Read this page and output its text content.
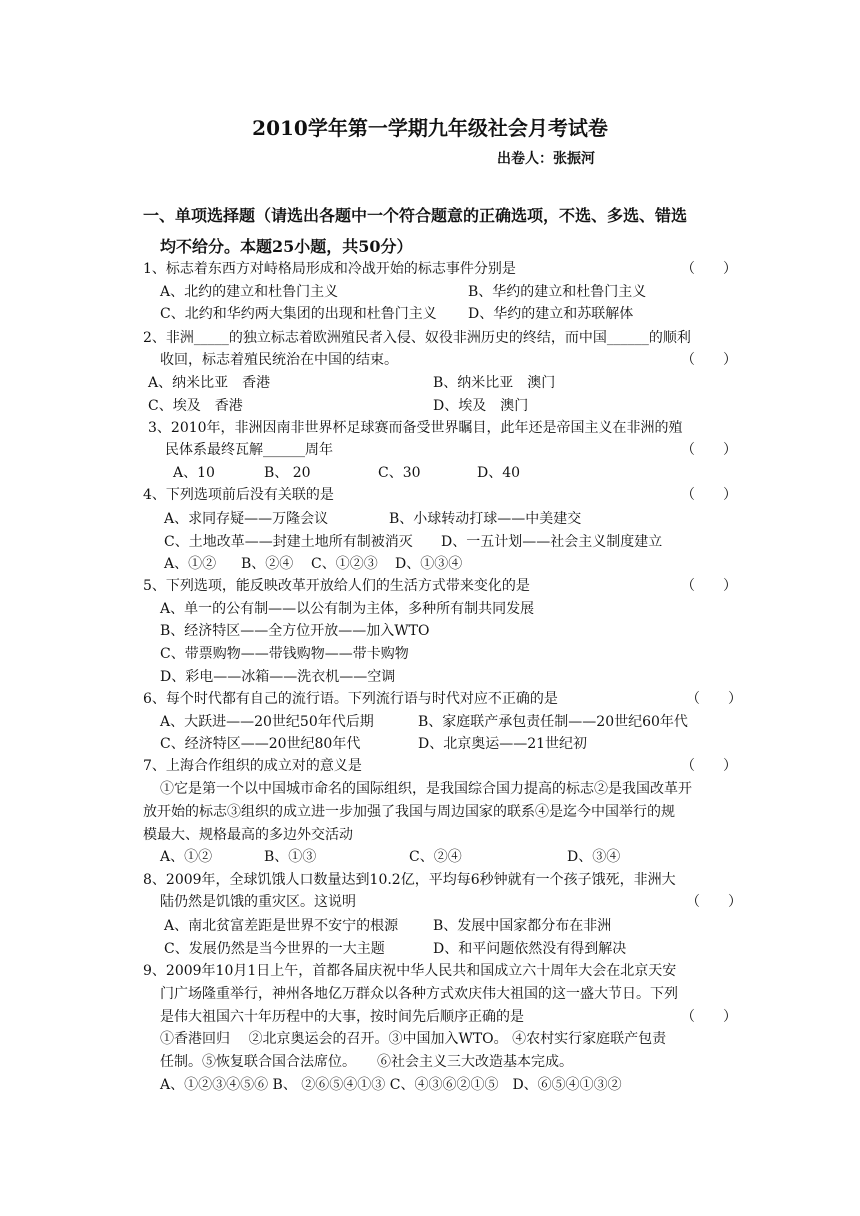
2010学年第一学期九年级社会月考试卷
出卷人：张振河
一、单项选择题（请选出各题中一个符合题意的正确选项，不选、多选、错选
均不给分。本题25小题，共50分）
1、标志着东西方对峙格局形成和冷战开始的标志事件分别是	（　　）
A、北约的建立和杜鲁门主义	B、华约的建立和杜鲁门主义
C、北约和华约两大集团的出现和杜鲁门主义 D、华约的建立和苏联解体
2、非洲_____的独立标志着欧洲殖民者入侵、奴役非洲历史的终结，而中国______的顺利
收回，标志着殖民统治在中国的结束。	（　　）
A、纳米比亚　香港	B、纳米比亚　澳门
C、埃及　香港	D、埃及　澳门
3、2010年，非洲因南非世界杯足球赛而备受世界瞩目，此年还是帝国主义在非洲的殖
民体系最终瓦解______周年	（　　）
A、10	B、 20	C、30	D、40
4、下列选项前后没有关联的是	（　　）
A、求同存疑——万隆会议	B、小球转动打球——中美建交
C、土地改革——封建土地所有制被消灭 D、一五计划——社会主义制度建立
A、①② B、②④ C、①②③ D、①③④
5、下列选项，能反映改革开放给人们的生活方式带来变化的是	（　　）
A、单一的公有制——以公有制为主体，多种所有制共同发展
B、经济特区——全方位开放——加入WTO
C、带票购物——带钱购物——带卡购物
D、彩电——冰箱——洗衣机——空调
6、每个时代都有自己的流行语。下列流行语与时代对应不正确的是	（　　）
A、大跃进——20世纪50年代后期	B、家庭联产承包责任制——20世纪60年代
C、经济特区——20世纪80年代	D、北京奥运——21世纪初
7、上海合作组织的成立对的意义是	（　　）
①它是第一个以中国城市命名的国际组织，是我国综合国力提高的标志②是我国改革开
放开始的标志③组织的成立进一步加强了我国与周边国家的联系④是迄今中国举行的规
模最大、规格最高的多边外交活动
A、①②	B、①③	C、②④	D、③④
8、2009年，全球饥饿人口数量达到10.2亿，平均每6秒钟就有一个孩子饿死，非洲大
陆仍然是饥饿的重灾区。这说明	（　　）
A、南北贫富差距是世界不安宁的根源 B、发展中国家都分布在非洲
C、发展仍然是当今世界的一大主题	D、和平问题依然没有得到解决
9、2009年10月1日上午，首都各届庆祝中华人民共和国成立六十周年大会在北京天安
门广场隆重举行，神州各地亿万群众以各种方式欢庆伟大祖国的这一盛大节日。下列
是伟大祖国六十年历程中的大事，按时间先后顺序正确的是	（　　）
①香港回归　 ②北京奥运会的召开。③中国加入WTO。 ④农村实行家庭联产包责
任制。⑤恢复联合国合法席位。　　⑥社会主义三大改造基本完成。
A、①②③④⑤⑥ B、 ②⑥⑤④①③ C、④③⑥②①⑤　D、⑥⑤④①③②
